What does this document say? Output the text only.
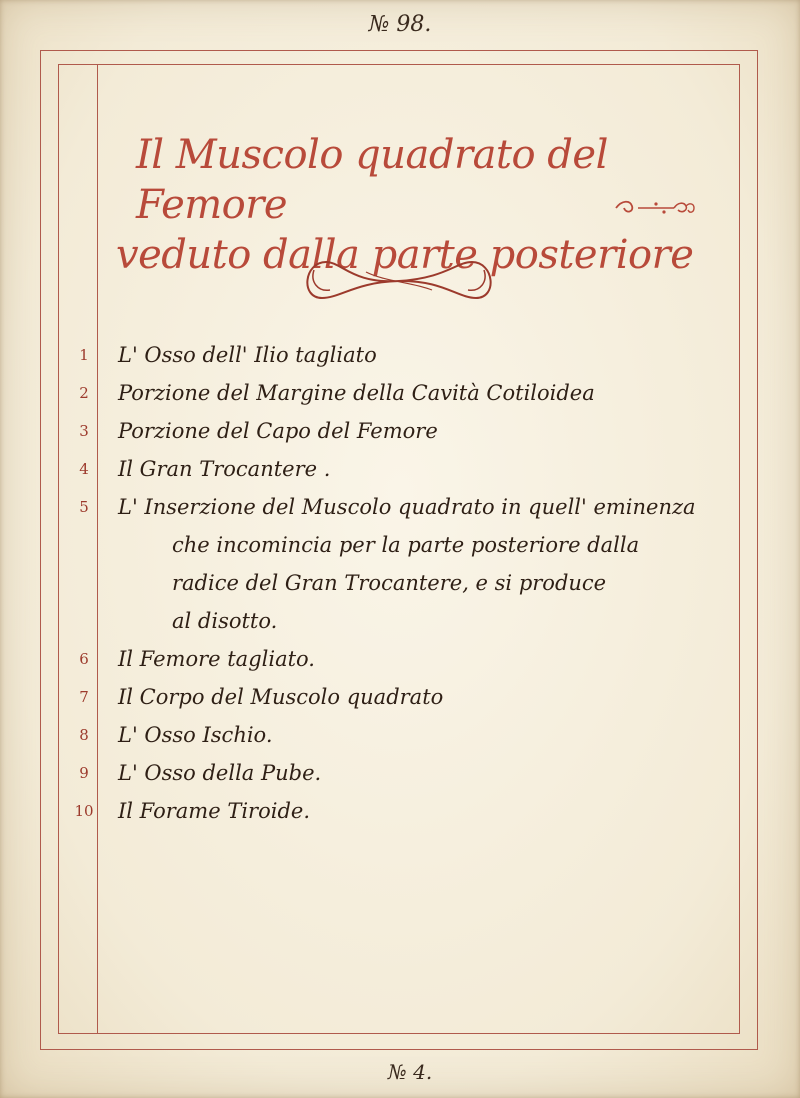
№ 98.
Il Muscolo quadrato del Femore
veduto dalla parte posteriore
1	L' Osso dell' Ilio tagliato
2	Porzione del Margine della Cavità Cotiloidea
3	Porzione del Capo del Femore
4	Il Gran Trocantere .
5	L' Inserzione del Muscolo quadrato in quell' eminenza
che incomincia per la parte posteriore dalla
radice del Gran Trocantere, e si produce
al disotto.
6	Il Femore tagliato.
7	Il Corpo del Muscolo quadrato
8	L' Osso Ischio.
9	L' Osso della Pube.
10 Il Forame Tiroide.
№ 4.
